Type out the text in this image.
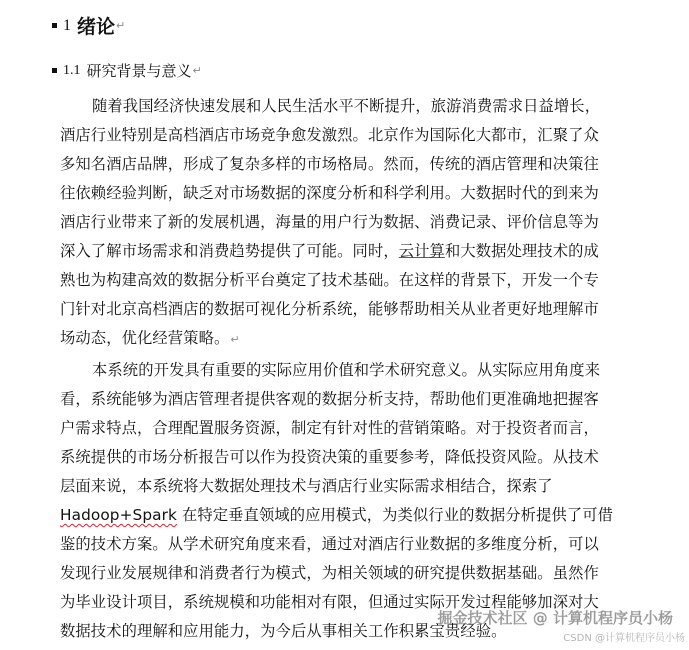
1 绪论 ↵
1.1 研究背景与意义 ↵
随着我国经济快速发展和人民生活水平不断提升，旅游消费需求日益增长，
酒店行业特别是高档酒店市场竞争愈发激烈。北京作为国际化大都市，汇聚了众
多知名酒店品牌，形成了复杂多样的市场格局。然而，传统的酒店管理和决策往
往依赖经验判断，缺乏对市场数据的深度分析和科学利用。大数据时代的到来为
酒店行业带来了新的发展机遇，海量的用户行为数据、消费记录、评价信息等为
深入了解市场需求和消费趋势提供了可能。同时，云计算和大数据处理技术的成
熟也为构建高效的数据分析平台奠定了技术基础。在这样的背景下，开发一个专
门针对北京高档酒店的数据可视化分析系统，能够帮助相关从业者更好地理解市
场动态，优化经营策略。↵
本系统的开发具有重要的实际应用价值和学术研究意义。从实际应用角度来
看，系统能够为酒店管理者提供客观的数据分析支持，帮助他们更准确地把握客
户需求特点，合理配置服务资源，制定有针对性的营销策略。对于投资者而言，
系统提供的市场分析报告可以作为投资决策的重要参考，降低投资风险。从技术
层面来说，本系统将大数据处理技术与酒店行业实际需求相结合，探索了
Hadoop+Spark 在特定垂直领域的应用模式，为类似行业的数据分析提供了可借
鉴的技术方案。从学术研究角度来看，通过对酒店行业数据的多维度分析，可以
发现行业发展规律和消费者行为模式，为相关领域的研究提供数据基础。虽然作
为毕业设计项目，系统规模和功能相对有限，但通过实际开发过程能够加深对大
数据技术的理解和应用能力，为今后从事相关工作积累宝贵经验。
掘金技术社区 @ 计算机程序员小杨
CSDN @计算机程序员小杨
